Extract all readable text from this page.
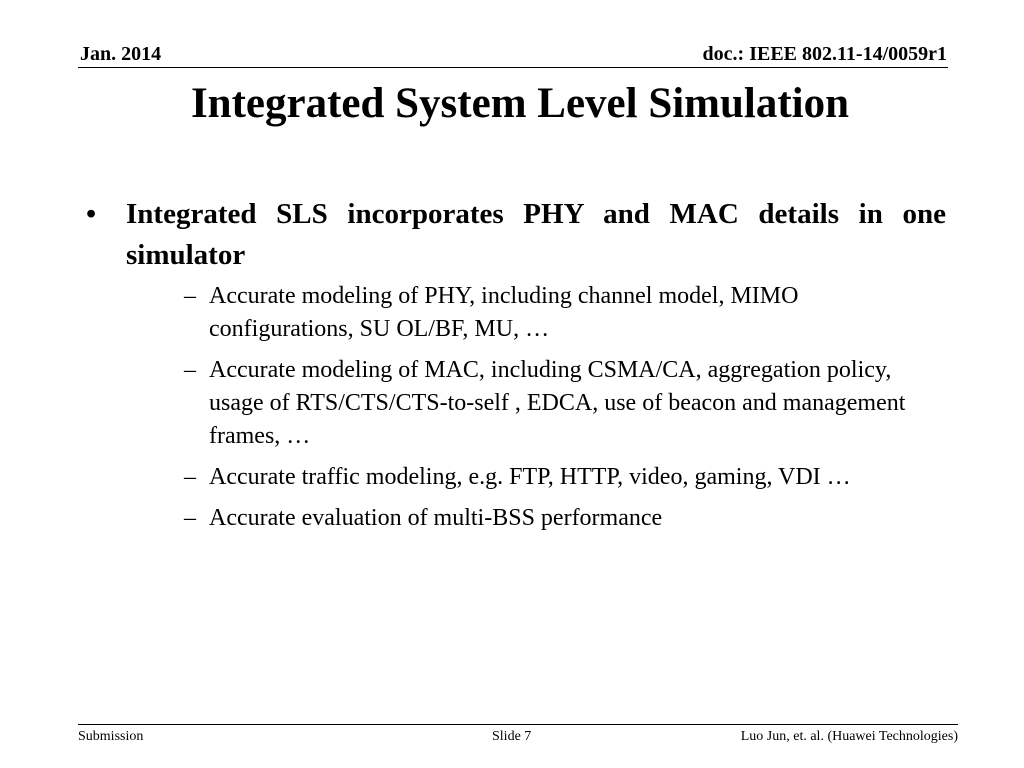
Jan. 2014	doc.: IEEE 802.11-14/0059r1
Integrated System Level Simulation
•	Integrated SLS incorporates PHY and MAC details in one simulator
– Accurate modeling of PHY, including channel model, MIMO configurations, SU OL/BF, MU, …
– Accurate modeling of MAC, including CSMA/CA, aggregation policy, usage of RTS/CTS/CTS-to-self , EDCA, use of beacon and management frames, …
– Accurate traffic modeling, e.g. FTP, HTTP, video, gaming, VDI …
– Accurate evaluation of multi-BSS performance
Submission	Slide 7	Luo Jun, et. al. (Huawei Technologies)
